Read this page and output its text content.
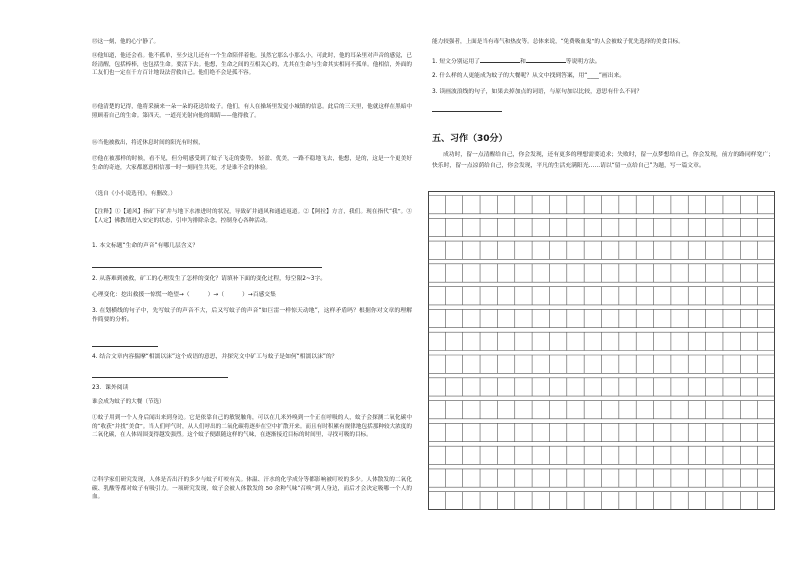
⑬这一刻，他的心宁静了。

⑭他知道，他还会看。他不孤单，至少这儿还有一个生命陪伴着他。虽然它那么小那么小，可此时，他的耳朵里对声音的感觉，已经清醒，包括棒棒，也包括生命。要活下去。他想，生命之间的互相关心的，尤其在生命与生命其实相同不孤单。他相信，外面的工友们也一定在千方百计地设法营救自己。他们绝不会是孤不容。

⑮他清楚的记得，他将采摘来一朵一朵的花送给蚊子。他们，有人在操场里发觉小城镇的信息。此后的三天里，他就这样在黑暗中照顾着自己的生命。第四天，一道亮光射向他的眼睛——他得救了。

⑯当他被救出，将近休息时间的阳光有时候，

⑰他在被那样的时候，看不见，但分明感受到了蚊子飞走的姿势。 轻盈、优美，一路不稳地飞去，他想，是的，这是一个更美好生命的奇迹，大家都愿意相信那一时一刻同生共死，才是谁不会的体验。

（选自《小小说选刊》，有删改。）

【注释】①【通风】指矿下矿井与地下水渗进时的状况，导致矿井通风和通道返道。②【阿拉】方言，我们。现在指代“我”。③【人定】佛教谓进入安定的状态，引申为排除杂念，控制身心各种活动。

1. 本文标题“生命的声音”有哪几层含义？

2. 从落难到被救，矿工的心理发生了怎样的变化？请填补下面的变化过程，每空限2~3字。

心理变化：挖出救援一惊慌一绝望→（	）→（	）→百感交集

3. 在划横线的句子中，先写蚊子的声音不大，后又写蚊子的声音“如巨雷一样惊天动地”，这样矛盾吗？根据你对文章的理解作简要的分析。

4. 结合文章内容揣摩“相濡以沫”这个成语的意思，并探究文中矿工与蚊子是如何“相濡以沫”的？

23．课外阅读

谁会成为蚊子的大餐（节选）

①蚊子用到一个人身后闻出来到身边。它是依靠自己的敏锐触角，可以在几米外嗅到一个正在呼吸的人，蚊子会探测二氧化碳中的“收获”并找“美食”。当人们呼气时，从人们呼出的二氧化碳将逐步在空中扩散开来。而且有时积累有规律地包括那种较大浓度的二氧化碳，在人体周围变得越发强烈。这个蚊子便跟随这样的气味，在逐渐接近目标的时间里，寻找可吸的目标。

②科学家们研究发现，人体是否出汗的多少与蚊子叮咬有关。体温、汗水的化学成分等都影响被叮咬的多少。人体散发的二氧化碳、乳酸等都对蚊子有吸引力。一项研究发现，蚊子会被人体散发的 50 余种气味“召唤”到人身边，而后才会决定吸哪一个人的血。

能力较强者，上面是当有毒气和热皮等。总体来说，“免费吸血鬼”的人会被蚊子优先选择的美食目标。

1. 短文分别运用了	和	等说明方法。

2. 什么样的人更能成为蚊子的大餐呢？从文中找到答案，用“____”画出来。

3. 读画波浪线的句子，如果去掉加点的词语，与原句加以比较，意思有什么不同？

五、习作（30分）

成功时，留一点清醒给自己，你会发现，还有更多的理想需要追求；失败时，留一点梦想给自己，你会发现，前方的路同样宽广；快乐时，留一点凉荫给自己，你会发现，平凡的生活充满阳光……请以“留一点给自己”为题，写一篇文章。
